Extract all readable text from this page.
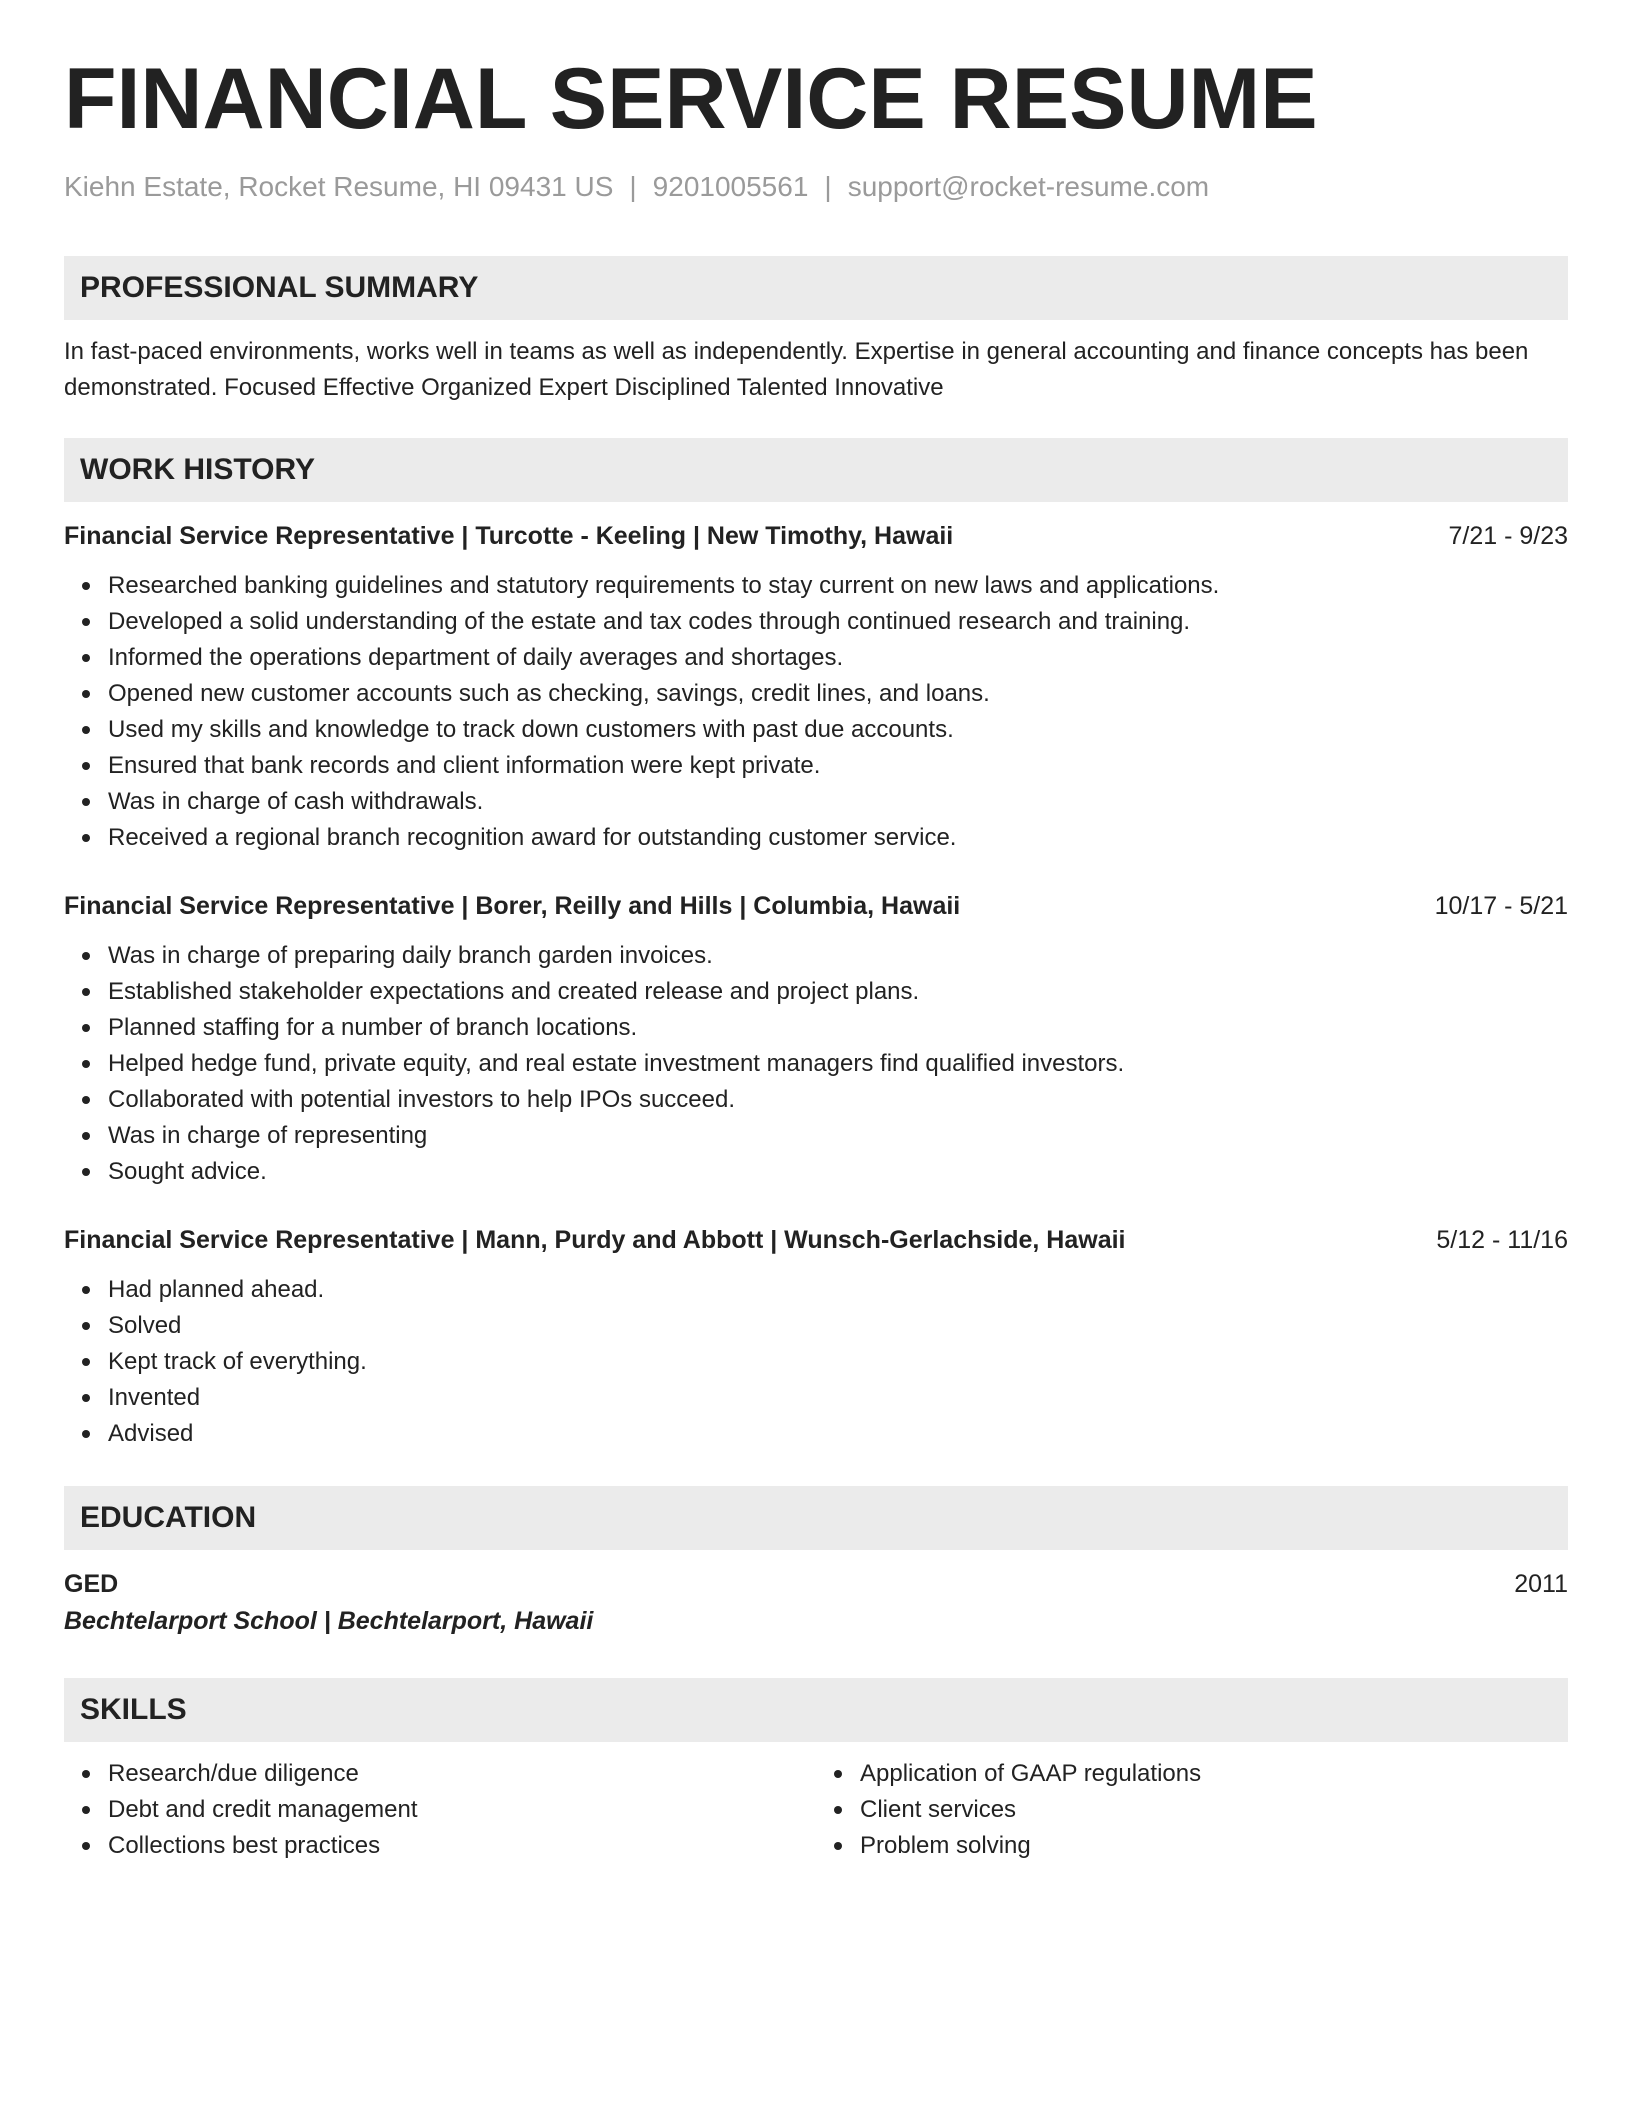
FINANCIAL SERVICE RESUME
Kiehn Estate, Rocket Resume, HI 09431 US | 9201005561 | support@rocket-resume.com
PROFESSIONAL SUMMARY
In fast-paced environments, works well in teams as well as independently. Expertise in general accounting and finance concepts has been demonstrated. Focused Effective Organized Expert Disciplined Talented Innovative
WORK HISTORY
Financial Service Representative | Turcotte - Keeling | New Timothy, Hawaii	7/21 - 9/23
Researched banking guidelines and statutory requirements to stay current on new laws and applications.
Developed a solid understanding of the estate and tax codes through continued research and training.
Informed the operations department of daily averages and shortages.
Opened new customer accounts such as checking, savings, credit lines, and loans.
Used my skills and knowledge to track down customers with past due accounts.
Ensured that bank records and client information were kept private.
Was in charge of cash withdrawals.
Received a regional branch recognition award for outstanding customer service.
Financial Service Representative | Borer, Reilly and Hills | Columbia, Hawaii	10/17 - 5/21
Was in charge of preparing daily branch garden invoices.
Established stakeholder expectations and created release and project plans.
Planned staffing for a number of branch locations.
Helped hedge fund, private equity, and real estate investment managers find qualified investors.
Collaborated with potential investors to help IPOs succeed.
Was in charge of representing
Sought advice.
Financial Service Representative | Mann, Purdy and Abbott | Wunsch-Gerlachside, Hawaii	5/12 - 11/16
Had planned ahead.
Solved
Kept track of everything.
Invented
Advised
EDUCATION
GED	2011
Bechtelarport School | Bechtelarport, Hawaii
SKILLS
Research/due diligence
Debt and credit management
Collections best practices
Application of GAAP regulations
Client services
Problem solving
